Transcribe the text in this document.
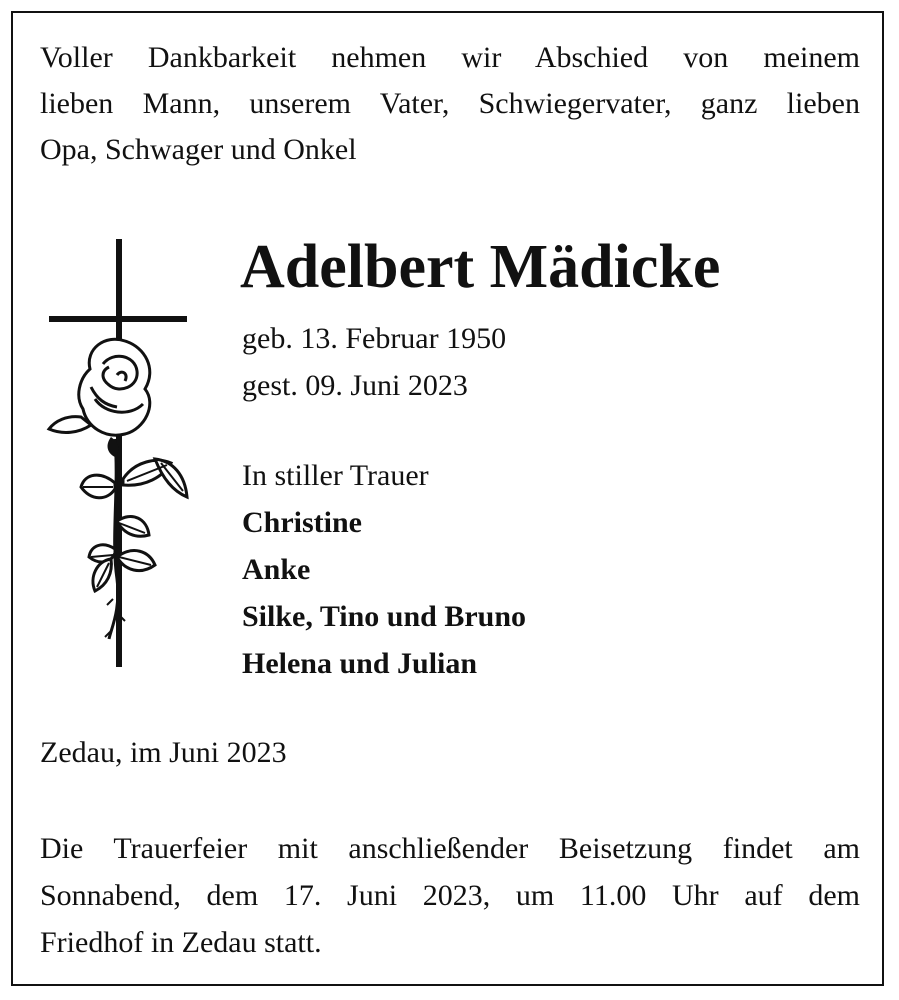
Voller Dankbarkeit nehmen wir Abschied von meinem
lieben Mann, unserem Vater, Schwiegervater, ganz lieben
Opa, Schwager und Onkel

Adelbert Mädicke

geb. 13. Februar 1950
gest. 09. Juni 2023

In stiller Trauer
Christine
Anke
Silke, Tino und Bruno
Helena und Julian

Zedau, im Juni 2023

Die Trauerfeier mit anschließender Beisetzung findet am
Sonnabend, dem 17. Juni 2023, um 11.00 Uhr auf dem
Friedhof in Zedau statt.
